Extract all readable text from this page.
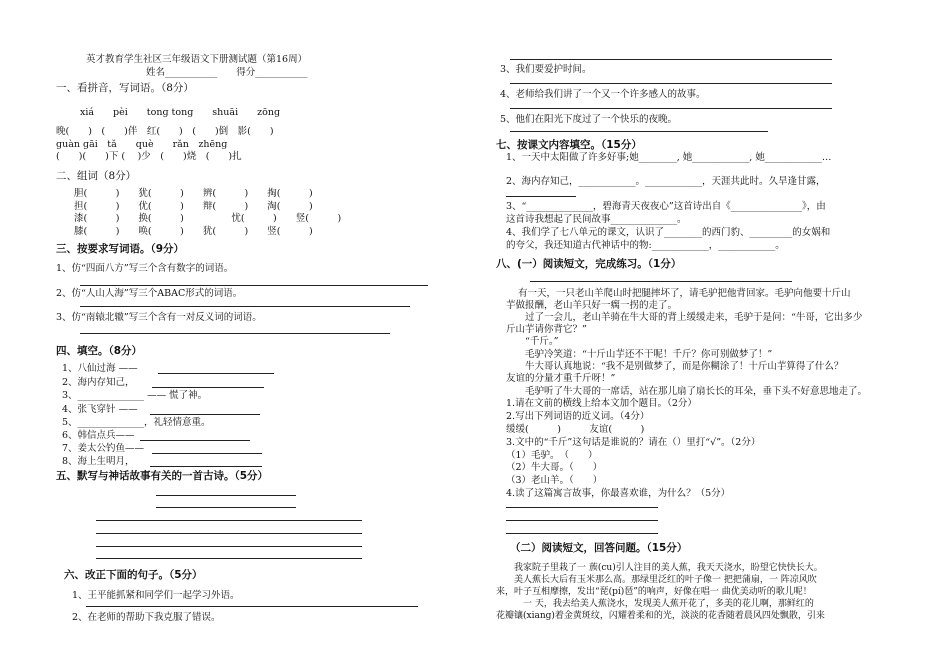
英才教育学生社区三年级语文下册测试题（第16周）
姓名___________　　得分___________
一、看拼音，写词语。（8分）
xiá　　pèi　　tonɡ tonɡ　　shuāi　　zōnɡ
晚(　　)　(　　)伴　红(　　)　(　　)倒　影(　　)
ɡuàn ɡāi　tǎ　　què　　rǎn　zhēnɡ
(　　)(　　)下 (　 )少　(　　)烧　(　　)扎
二、组词（8分）
胆(　　　)　　犹(　　　)　　辨(　　　)　　掏(　　　)
担(　　　)　　优(　　　)　　辩(　　　)　　淘(　　　)
漆(　　　)　　换(　　　)　　　　　忧(　　　)　　竖(　　　)
膝(　　　)　　唤(　　　)　　犹(　　　)　　竖(　　　)
三、按要求写词语。（9分）
1、仿“四面八方”写三个含有数字的词语。
2、仿“人山人海”写三个ABAC形式的词语。
3、仿“南辕北辙”写三个含有一对反义词的词语。
四、填空。（8分）
1、八仙过海 ——
2、海内存知己，
3、______________ —— 慌了神。
4、张飞穿针 ——
5、______________，礼轻情意重。
6、韩信点兵——
7、姜太公钓鱼——
8、海上生明月，
五、默写与神话故事有关的一首古诗。（5分）
六、改正下面的句子。（5分）
1、王平能抓紧和同学们一起学习外语。
2、在老师的帮助下我克服了错误。
3、我们要爱护时间。
4、老师给我们讲了一个又一个许多感人的故事。
5、他们在阳光下度过了一个快乐的夜晚。
七、按课文内容填空。（15分）
1、一天中太阳做了许多好事;她________, 她____________, 她____________…
2、海内存知己，____________。____________，天涯共此时。久旱逢甘露，
3、“______________，碧海青天夜夜心”这首诗出自《_______________》，由
这首诗我想起了民间故事______________。
4、我们学了七八单元的课文，认识了________的西门豹、_________的女娲和
的夸父，我还知道古代神话中的物:____________，____________。
八、(一）阅读短文，完成练习。（1分）
有一天，一只老山羊爬山时把腿摔坏了，请毛驴把他背回家。毛驴向他要十斤山
芋做报酬，老山羊只好一瘸一拐的走了。
　　过了一会儿，老山羊骑在牛大哥的背上缓缓走来，毛驴于是问：“牛哥，它出多少
斤山芋请你背它？”
　　“千斤。”
　　毛驴冷笑道：“十斤山芋还不干呢！千斤？你可别做梦了！”
　　牛大哥认真地说：“我不是别做梦了，而是你糊涂了！十斤山芋算得了什么？
友谊的分量才重千斤呀！”
　　毛驴听了牛大哥的一席话，站在那儿扇了扇长长的耳朵，垂下头不好意思地走了。
1.请在文前的横线上给本文加个题目。（2分）
2.写出下列词语的近义词。（4分）
缓缓(　　　)　　　友谊(　　　)
3.文中的“千斤”这句话是谁说的？请在（）里打“√”。（2分）
（1）毛驴。　（　　）
（2）牛大哥。（　　）
（3）老山羊。（　　）
4.读了这篇寓言故事，你最喜欢谁，为什么？（5分）
（二）阅读短文，回答问题。（15分）
　　我家院子里栽了一 蔟(cu)引人注目的美人蕉，我天天浇水，盼望它快快长大。
　　美人蕉长大后有玉米那么高。那绿里泛红的叶子像一 把把蒲扇，一 阵凉风吹
来，叶子互相摩擦，发出“琵(pí)琶”的响声，好像在唱一 曲优美动听的歌儿呢！
　　　一 天，我去给美人蕉浇水，发现美人蕉开花了，多美的花儿啊，那鲜红的
花瓣镶(xiang)着金黄斑纹，闪耀着柔和的光，淡淡的花香随着晨风四处飘散，引来
